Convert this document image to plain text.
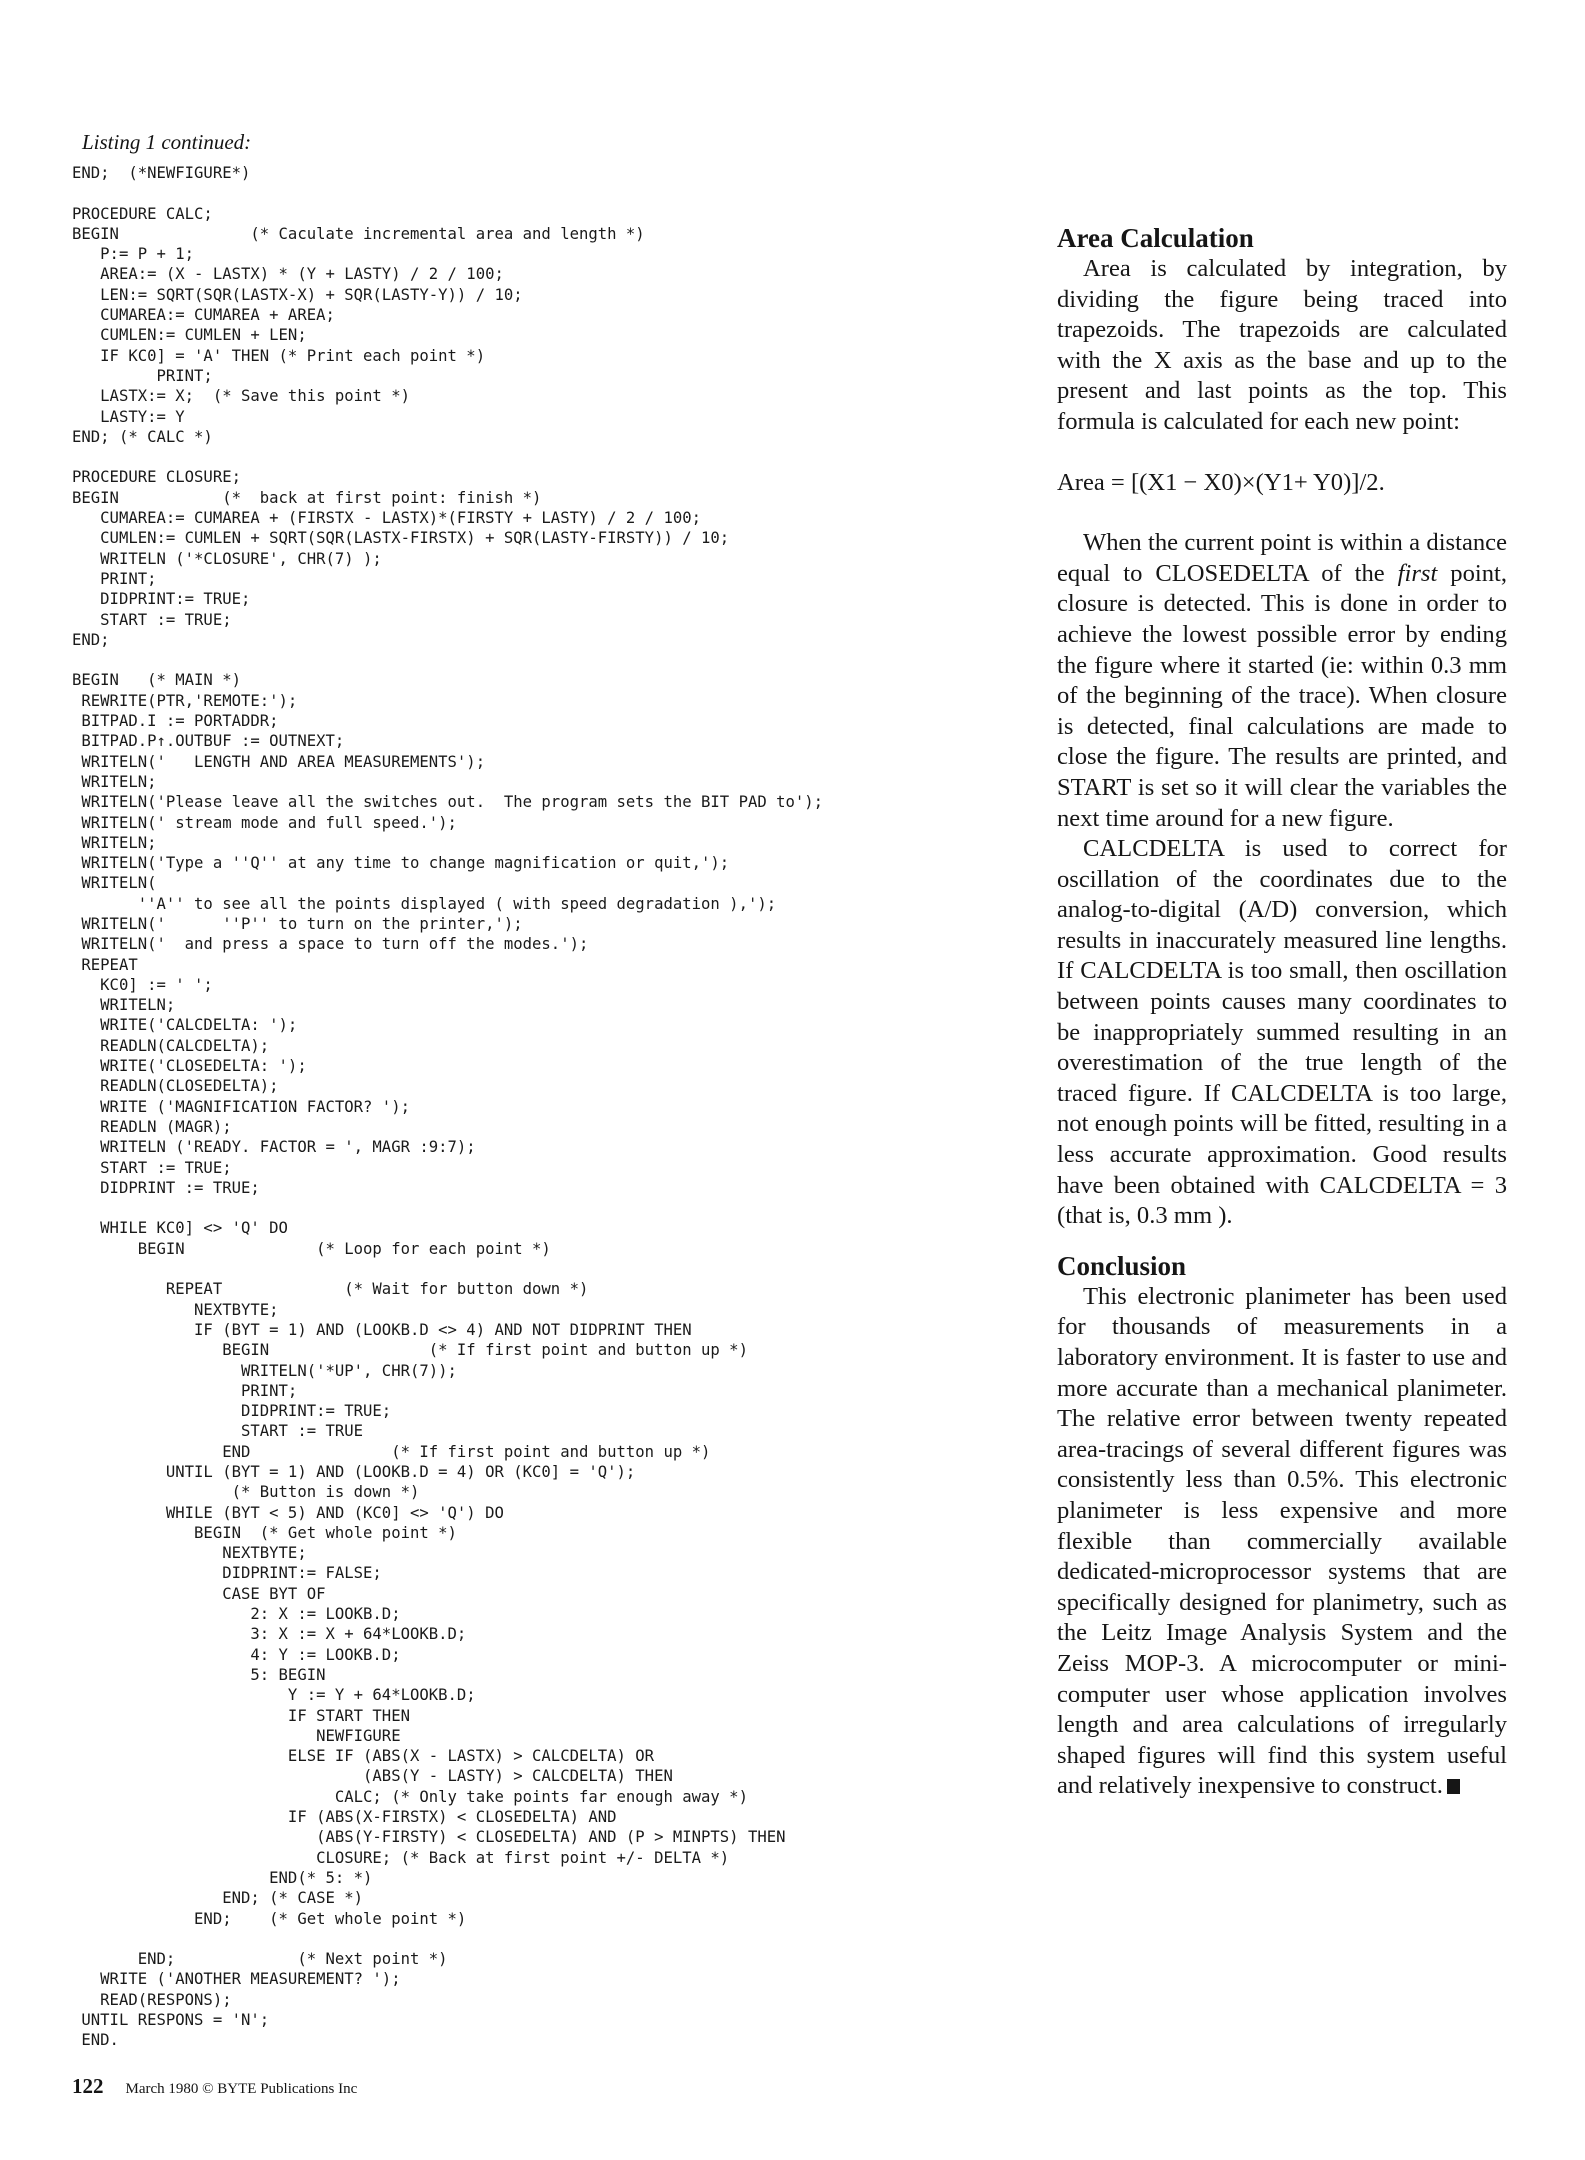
Listing 1 continued:
END;  (*NEWFIGURE*)
PROCEDURE CALC;
BEGIN              (* Caculate incremental area and length *)
P:= P + 1;
AREA:= (X - LASTX) * (Y + LASTY) / 2 / 100;
LEN:= SQRT(SQR(LASTX-X) + SQR(LASTY-Y)) / 10;
CUMAREA:= CUMAREA + AREA;
CUMLEN:= CUMLEN + LEN;
IF KC0] = 'A' THEN (* Print each point *)
PRINT;
LASTX:= X;  (* Save this point *)
LASTY:= Y
END; (* CALC *)
PROCEDURE CLOSURE;
BEGIN           (*  back at first point: finish *)
CUMAREA:= CUMAREA + (FIRSTX - LASTX)*(FIRSTY + LASTY) / 2 / 100;
CUMLEN:= CUMLEN + SQRT(SQR(LASTX-FIRSTX) + SQR(LASTY-FIRSTY)) / 10;
WRITELN ('*CLOSURE', CHR(7) );
PRINT;
DIDPRINT:= TRUE;
START := TRUE;
END;
BEGIN   (* MAIN *)
REWRITE(PTR,'REMOTE:');
BITPAD.I := PORTADDR;
BITPAD.P↑.OUTBUF := OUTNEXT;
WRITELN('   LENGTH AND AREA MEASUREMENTS');
WRITELN;
WRITELN('Please leave all the switches out.  The program sets the BIT PAD to');
WRITELN(' stream mode and full speed.');
WRITELN;
WRITELN('Type a ''Q'' at any time to change magnification or quit,');
WRITELN(
''A'' to see all the points displayed ( with speed degradation ),');
WRITELN('      ''P'' to turn on the printer,');
WRITELN('  and press a space to turn off the modes.');
REPEAT
KC0] := ' ';
WRITELN;
WRITE('CALCDELTA: ');
READLN(CALCDELTA);
WRITE('CLOSEDELTA: ');
READLN(CLOSEDELTA);
WRITE ('MAGNIFICATION FACTOR? ');
READLN (MAGR);
WRITELN ('READY. FACTOR = ', MAGR :9:7);
START := TRUE;
DIDPRINT := TRUE;
WHILE KC0] <> 'Q' DO
BEGIN              (* Loop for each point *)
REPEAT             (* Wait for button down *)
NEXTBYTE;
IF (BYT = 1) AND (LOOKB.D <> 4) AND NOT DIDPRINT THEN
BEGIN                 (* If first point and button up *)
WRITELN('*UP', CHR(7));
PRINT;
DIDPRINT:= TRUE;
START := TRUE
END               (* If first point and button up *)
UNTIL (BYT = 1) AND (LOOKB.D = 4) OR (KC0] = 'Q');
(* Button is down *)
WHILE (BYT < 5) AND (KC0] <> 'Q') DO
BEGIN  (* Get whole point *)
NEXTBYTE;
DIDPRINT:= FALSE;
CASE BYT OF
2: X := LOOKB.D;
3: X := X + 64*LOOKB.D;
4: Y := LOOKB.D;
5: BEGIN
Y := Y + 64*LOOKB.D;
IF START THEN
NEWFIGURE
ELSE IF (ABS(X - LASTX) > CALCDELTA) OR
(ABS(Y - LASTY) > CALCDELTA) THEN
CALC; (* Only take points far enough away *)
IF (ABS(X-FIRSTX) < CLOSEDELTA) AND
(ABS(Y-FIRSTY) < CLOSEDELTA) AND (P > MINPTS) THEN
CLOSURE; (* Back at first point +/- DELTA *)
END(* 5: *)
END; (* CASE *)
END;    (* Get whole point *)
END;             (* Next point *)
WRITE ('ANOTHER MEASUREMENT? ');
READ(RESPONS);
UNTIL RESPONS = 'N';
END.
Area Calculation

Area is calculated by integration, by dividing the figure being traced into trapezoids. The trapezoids are calculated with the X axis as the base and up to the present and last points as the top. This formula is calculated for each new point:

Area = [(X1 − X0)×(Y1+ Y0)]/2.

When the current point is within a distance equal to CLOSEDELTA of the first point, closure is detected. This is done in order to achieve the lowest possible error by ending the figure where it started (ie: within 0.3 mm of the beginning of the trace). When closure is detected, final calculations are made to close the figure. The results are printed, and START is set so it will clear the variables the next time around for a new figure.

CALCDELTA is used to correct for oscillation of the coordinates due to the analog-to-digital (A/D) conversion, which results in inaccurately measured line lengths. If CALCDELTA is too small, then oscillation between points causes many coordinates to be inappropriately summed resulting in an overestimation of the true length of the traced figure. If CALCDELTA is too large, not enough points will be fitted, resulting in a less accurate approximation. Good results have been obtained with CALCDELTA = 3 (that is, 0.3 mm ).

Conclusion

This electronic planimeter has been used for thousands of measurements in a laboratory environment. It is faster to use and more accurate than a mechanical planimeter. The relative error between twenty repeated area-tracings of several different figures was consistently less than 0.5%. This electronic planimeter is less expensive and more flexible than commercially available dedicated-microprocessor systems that are specifically designed for planimetry, such as the Leitz Image Analysis System and the Zeiss MOP-3. A microcomputer or mini-computer user whose application involves length and area calculations of irregularly shaped figures will find this system useful and relatively inexpensive to construct.

122 March 1980 © BYTE Publications Inc
